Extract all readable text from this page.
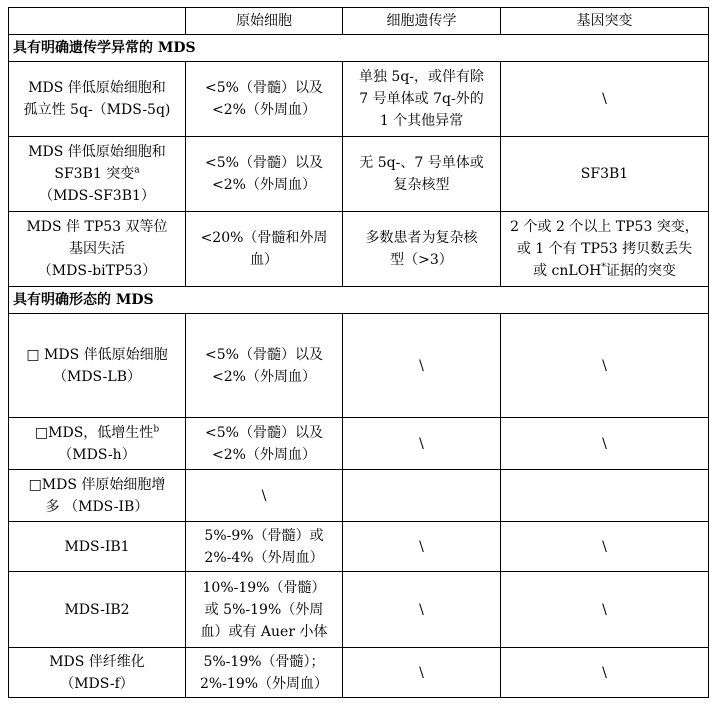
	原始细胞	细胞遗传学	基因突变
具有明确遗传学异常的 MDS			

MDS 伴低原始细胞和
孤立性 5q-（MDS-5q)	<5%（骨髓）以及
<2%（外周血）	单独 5q-，或伴有除
7 号单体或 7q-外的
1 个其他异常	\

MDS 伴低原始细胞和
SF3B1 突变$^a$
（MDS-SF3B1）	<5%（骨髓）以及
<2%（外周血）	无 5q-、7 号单体或
复杂核型	SF3B1

MDS 伴 TP53 双等位
基因失活
（MDS-biTP53）	<20%（骨髓和外周
血）	多数患者为复杂核
型（>3）	2 个或 2 个以上 TP53 突变，
或 1 个有 TP53 拷贝数丢失
或 cnLOH*证据的突变

具有明确形态的 MDS			

□ MDS 伴低原始细胞
（MDS-LB）	<5%（骨髓）以及
<2%（外周血）	\	\

□MDS，低增生性$^b$
（MDS-h）	<5%（骨髓）以及
<2%（外周血）	\	\

□MDS 伴原始细胞增
多 （MDS-IB）	\		

MDS-IB1	5%-9%（骨髓）或
2%-4%（外周血）	\	\

MDS-IB2	10%-19%（骨髓）
或 5%-19%（外周
血）或有 Auer 小体	\	\

MDS 伴纤维化
（MDS-f）	5%-19%（骨髓）；
2%-19%（外周血）	\	\
